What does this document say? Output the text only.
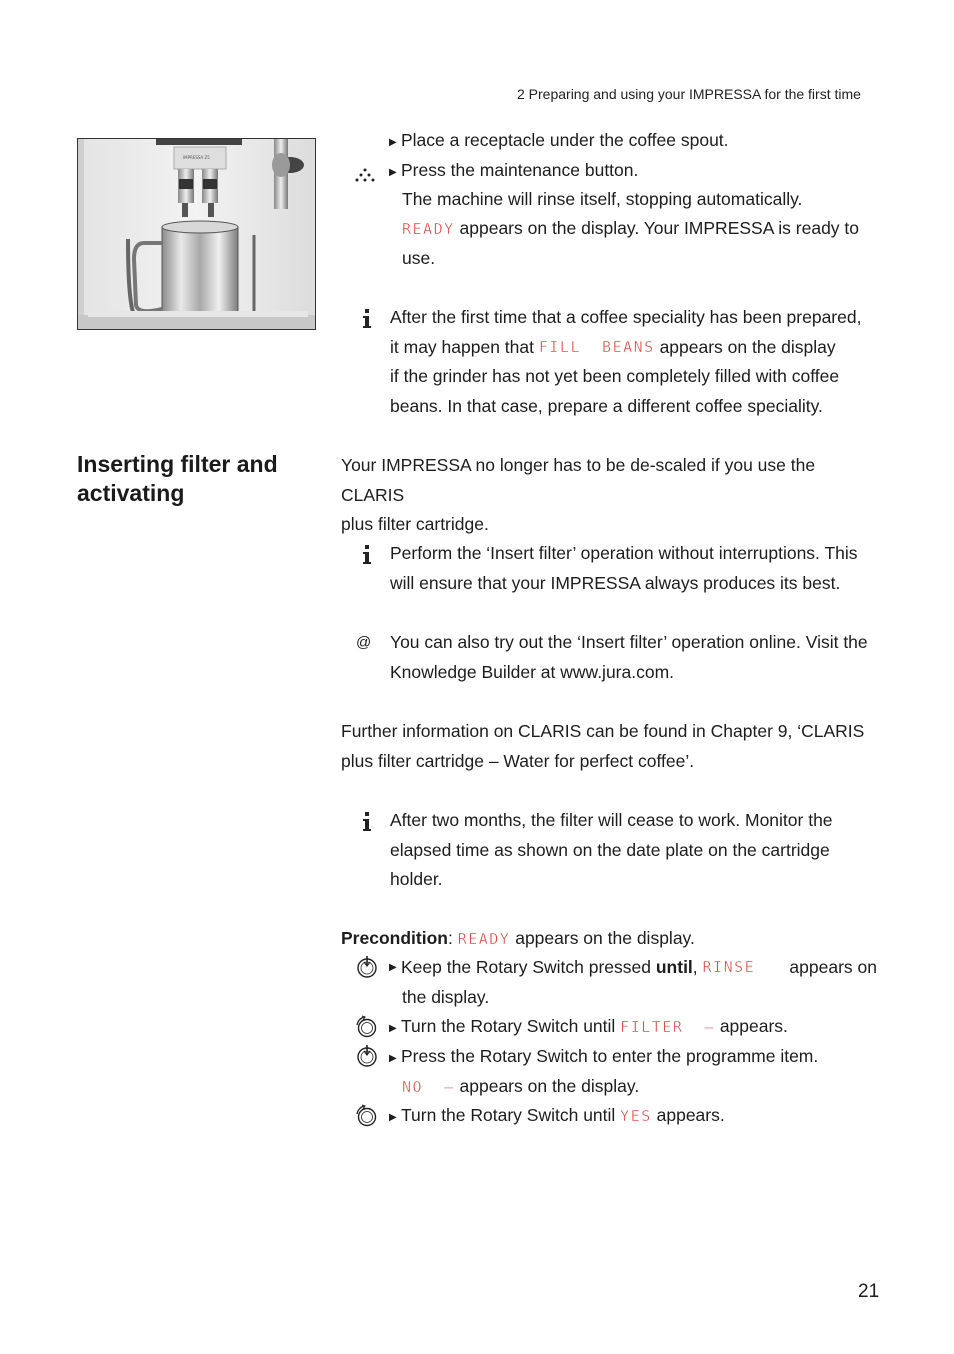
2 Preparing and using your IMPRESSA for the first time
IMPRESSA Z5
▶ Place a receptacle under the coffee spout.
▶ Press the maintenance button.
The machine will rinse itself, stopping automatically.
READY appears on the display. Your IMPRESSA is ready to
use.
After the first time that a coffee speciality has been prepared,
it may happen that FILL  BEANS appears on the display
if the grinder has not yet been completely filled with coffee
beans. In that case, prepare a different coffee speciality.
Inserting filter and
activating
Your IMPRESSA no longer has to be de-scaled if you use the CLARIS
plus filter cartridge.
Perform the ‘Insert filter’ operation without interruptions. This
will ensure that your IMPRESSA always produces its best.
@ You can also try out the ‘Insert filter’ operation online. Visit the
Knowledge Builder at www.jura.com.
Further information on CLARIS can be found in Chapter 9, ‘CLARIS
plus filter cartridge – Water for perfect coffee’.
After two months, the filter will cease to work. Monitor the
elapsed time as shown on the date plate on the cartridge
holder.
Precondition: READY appears on the display.
▶ Keep the Rotary Switch pressed until , RINSE appears on
the display.
▶ Turn the Rotary Switch until FILTER  – appears.
▶ Press the Rotary Switch to enter the programme item.
NO  – appears on the display.
▶ Turn the Rotary Switch until YES appears.
21
